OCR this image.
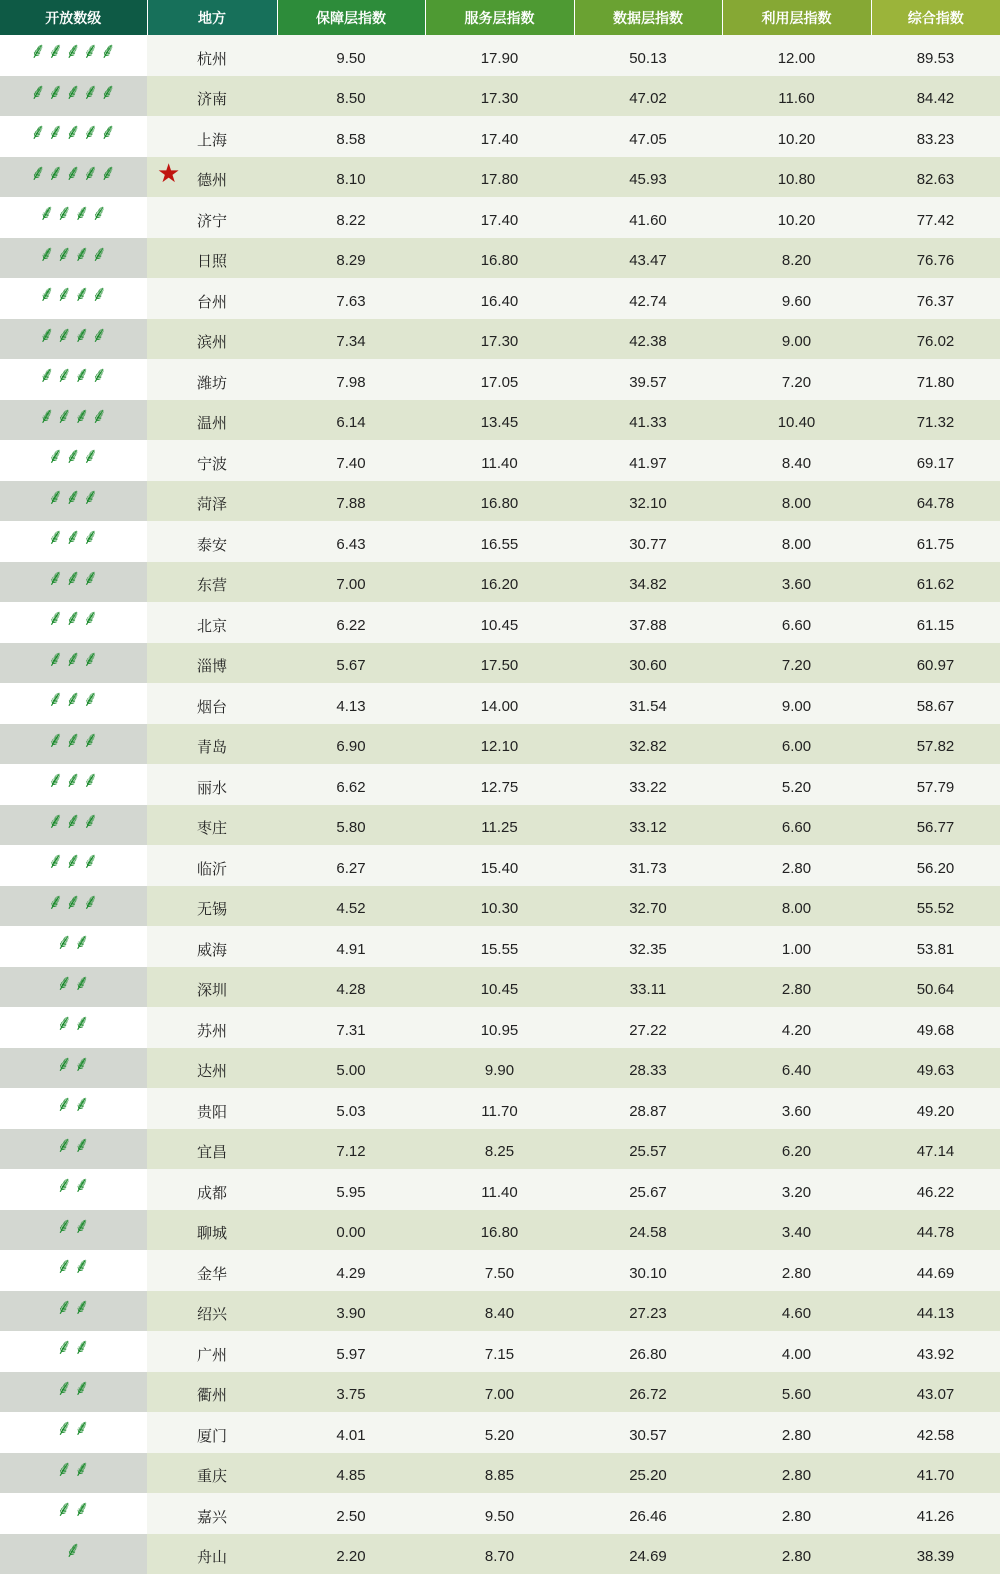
开放数级	地方	保障层指数	服务层指数	数据层指数	利用层指数	综合指数
⸙⸙⸙⸙⸙	杭州	9.50	17.90	50.13	12.00	89.53
⸙⸙⸙⸙⸙	济南	8.50	17.30	47.02	11.60	84.42
⸙⸙⸙⸙⸙	上海	8.58	17.40	47.05	10.20	83.23
⸙⸙⸙⸙⸙	★ 德州	8.10	17.80	45.93	10.80	82.63
⸙⸙⸙⸙	济宁	8.22	17.40	41.60	10.20	77.42
⸙⸙⸙⸙	日照	8.29	16.80	43.47	8.20	76.76
⸙⸙⸙⸙	台州	7.63	16.40	42.74	9.60	76.37
⸙⸙⸙⸙	滨州	7.34	17.30	42.38	9.00	76.02
⸙⸙⸙⸙	潍坊	7.98	17.05	39.57	7.20	71.80
⸙⸙⸙⸙	温州	6.14	13.45	41.33	10.40	71.32
⸙⸙⸙	宁波	7.40	11.40	41.97	8.40	69.17
⸙⸙⸙	菏泽	7.88	16.80	32.10	8.00	64.78
⸙⸙⸙	泰安	6.43	16.55	30.77	8.00	61.75
⸙⸙⸙	东营	7.00	16.20	34.82	3.60	61.62
⸙⸙⸙	北京	6.22	10.45	37.88	6.60	61.15
⸙⸙⸙	淄博	5.67	17.50	30.60	7.20	60.97
⸙⸙⸙	烟台	4.13	14.00	31.54	9.00	58.67
⸙⸙⸙	青岛	6.90	12.10	32.82	6.00	57.82
⸙⸙⸙	丽水	6.62	12.75	33.22	5.20	57.79
⸙⸙⸙	枣庄	5.80	11.25	33.12	6.60	56.77
⸙⸙⸙	临沂	6.27	15.40	31.73	2.80	56.20
⸙⸙⸙	无锡	4.52	10.30	32.70	8.00	55.52
⸙⸙	威海	4.91	15.55	32.35	1.00	53.81
⸙⸙	深圳	4.28	10.45	33.11	2.80	50.64
⸙⸙	苏州	7.31	10.95	27.22	4.20	49.68
⸙⸙	达州	5.00	9.90	28.33	6.40	49.63
⸙⸙	贵阳	5.03	11.70	28.87	3.60	49.20
⸙⸙	宜昌	7.12	8.25	25.57	6.20	47.14
⸙⸙	成都	5.95	11.40	25.67	3.20	46.22
⸙⸙	聊城	0.00	16.80	24.58	3.40	44.78
⸙⸙	金华	4.29	7.50	30.10	2.80	44.69
⸙⸙	绍兴	3.90	8.40	27.23	4.60	44.13
⸙⸙	广州	5.97	7.15	26.80	4.00	43.92
⸙⸙	衢州	3.75	7.00	26.72	5.60	43.07
⸙⸙	厦门	4.01	5.20	30.57	2.80	42.58
⸙⸙	重庆	4.85	8.85	25.20	2.80	41.70
⸙⸙	嘉兴	2.50	9.50	26.46	2.80	41.26
⸙	舟山	2.20	8.70	24.69	2.80	38.39
